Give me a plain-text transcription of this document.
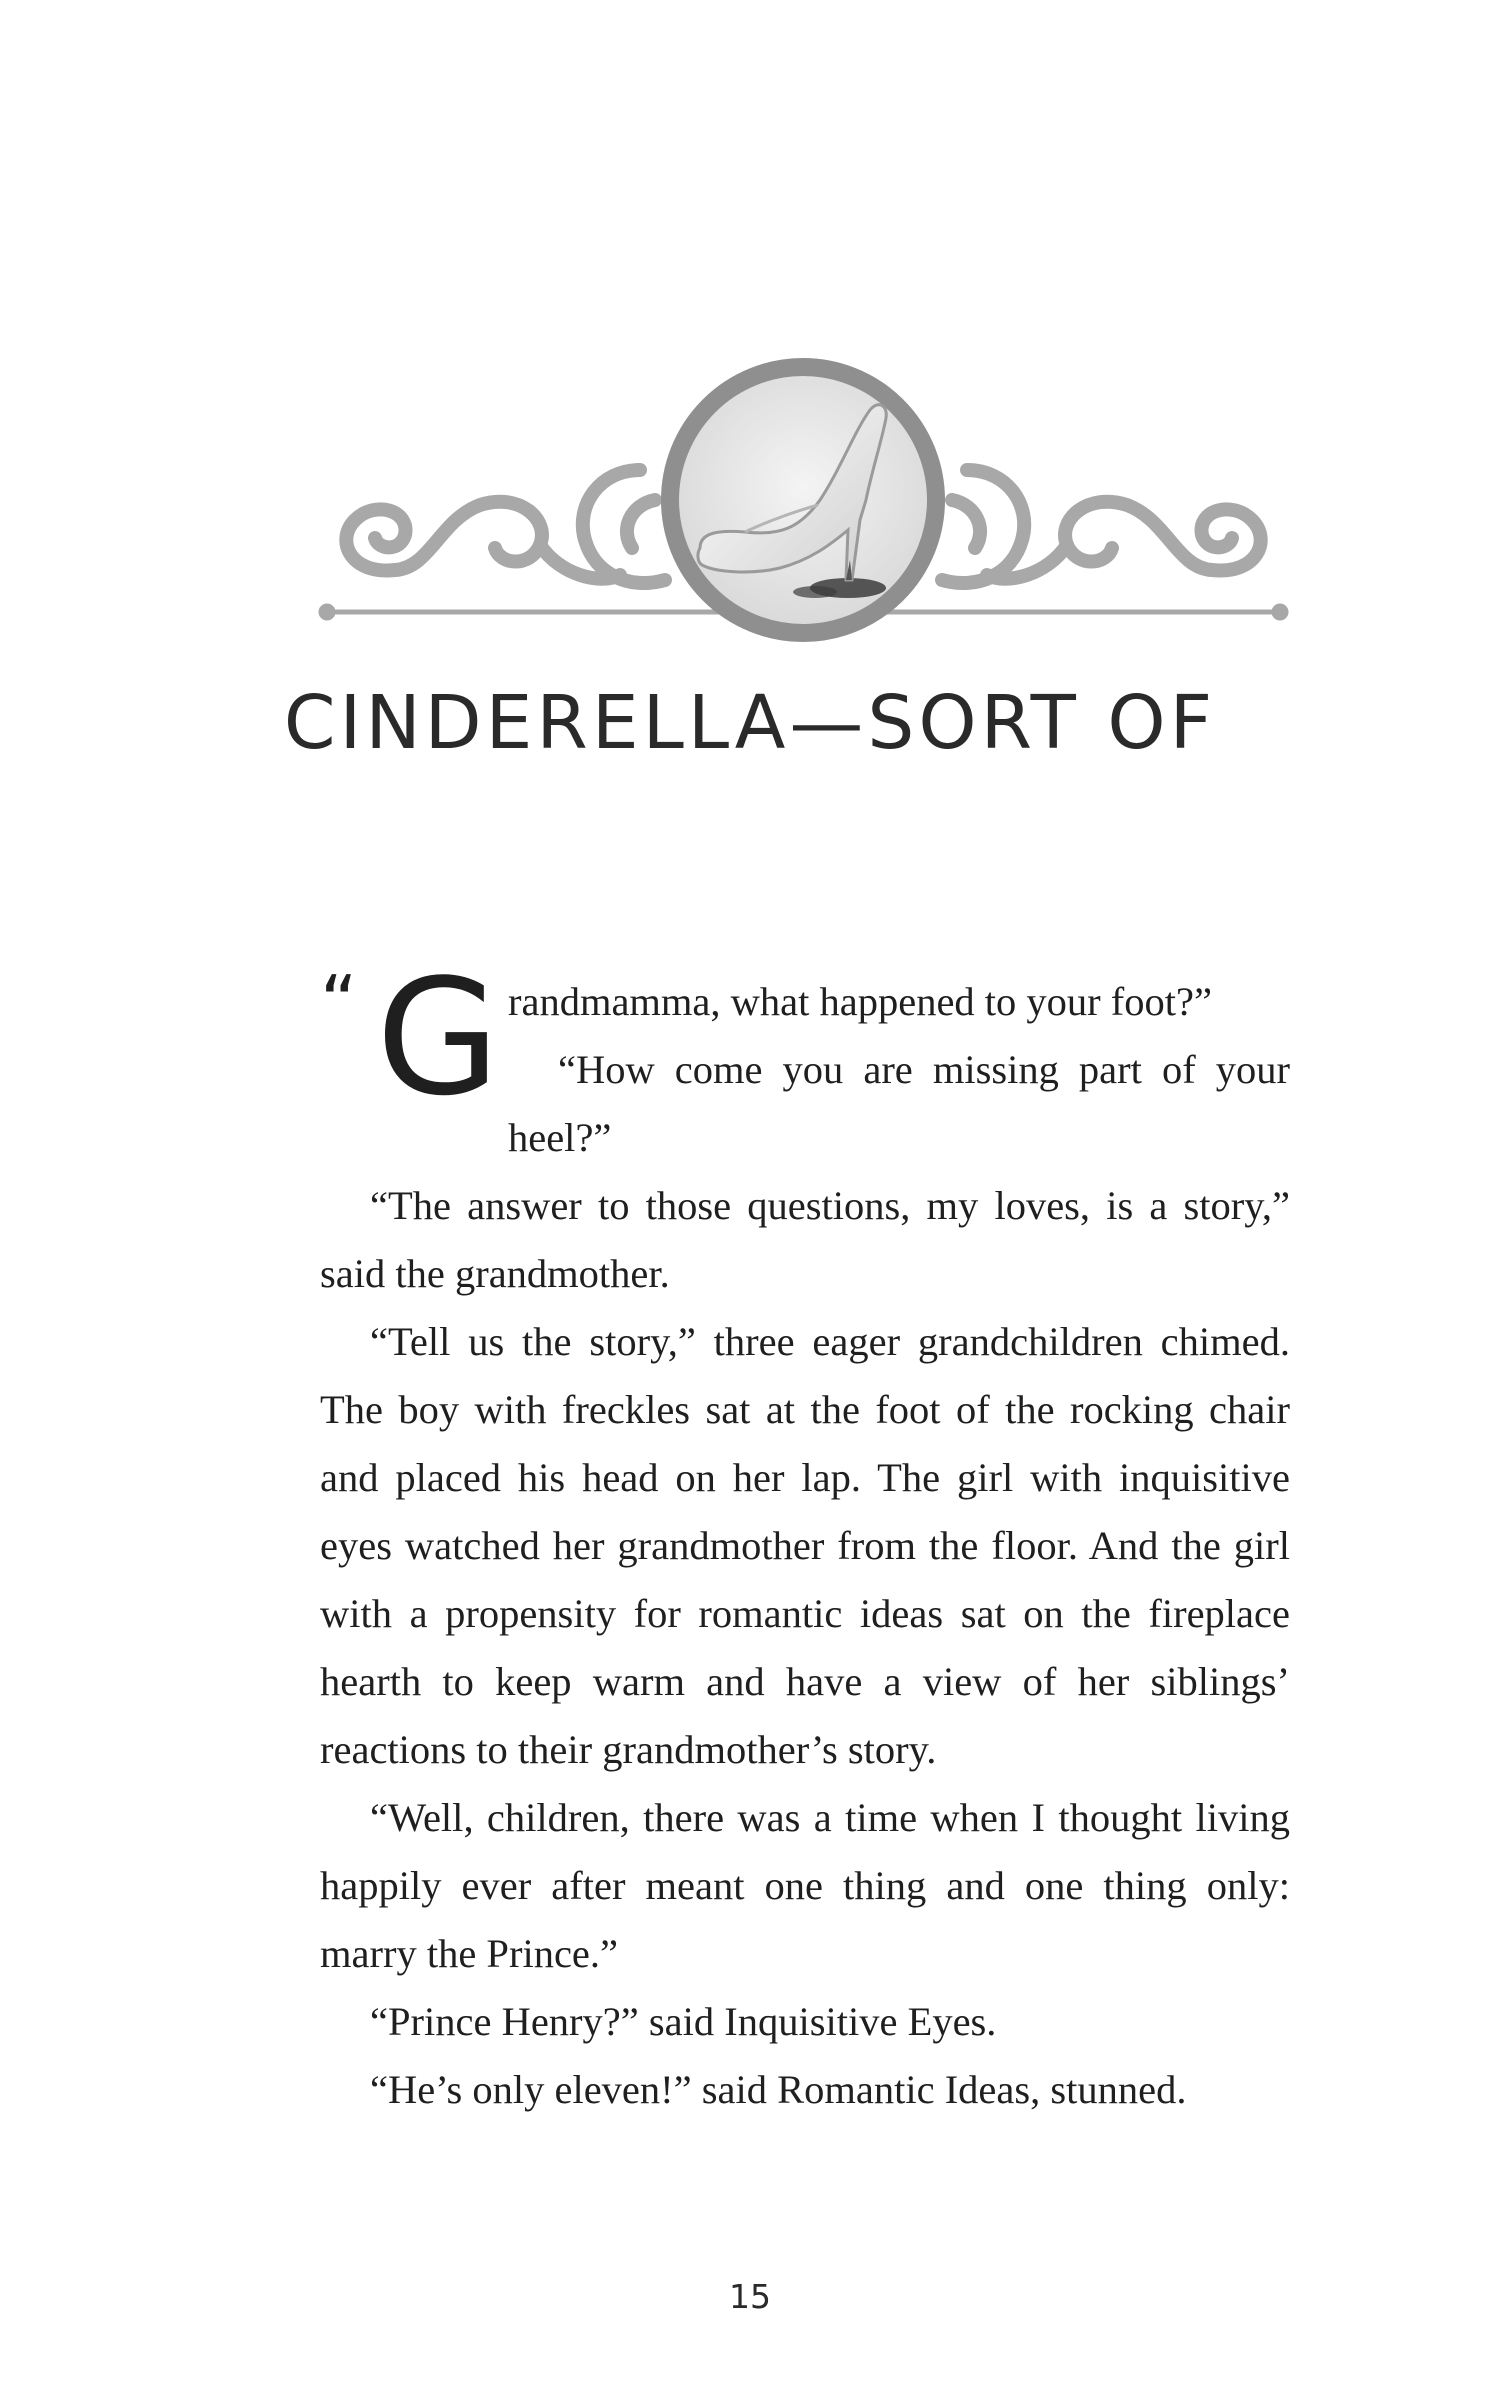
CINDERELLA—SORT OF

“ G randmamma, what happened to your foot?”

“How come you are missing part of your heel?”

“The answer to those questions, my loves, is a story,” said the grandmother.

“Tell us the story,” three eager grandchildren chimed. The boy with freckles sat at the foot of the rocking chair and placed his head on her lap. The girl with inquisitive eyes watched her grandmother from the floor. And the girl with a propensity for romantic ideas sat on the fireplace hearth to keep warm and have a view of her siblings’ reactions to their grandmother’s story.

“Well, children, there was a time when I thought living happily ever after meant one thing and one thing only: marry the Prince.”

“Prince Henry?” said Inquisitive Eyes.

“He’s only eleven!” said Romantic Ideas, stunned.

15
